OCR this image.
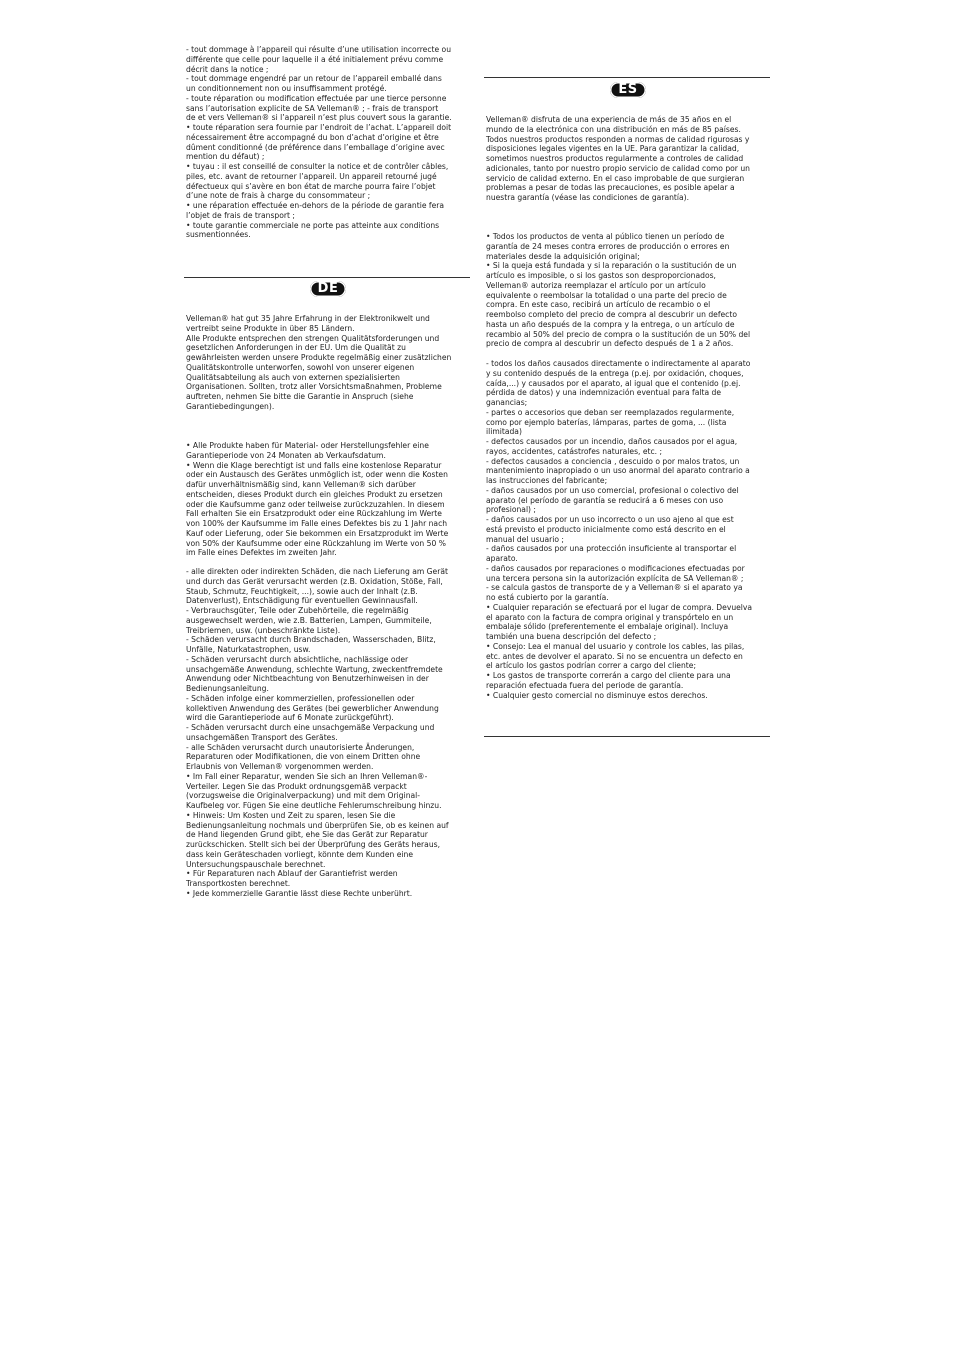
- tout dommage à l’appareil qui résulte d’une utilisation incorrecte ou
différente que celle pour laquelle il a été initialement prévu comme
décrit dans la notice ;
- tout dommage engendré par un retour de l’appareil emballé dans
un conditionnement non ou insuffisamment protégé.
- toute réparation ou modification effectuée par une tierce personne
sans l’autorisation explicite de SA Velleman® ; - frais de transport
de et vers Velleman® si l’appareil n’est plus couvert sous la garantie.
• toute réparation sera fournie par l’endroit de l’achat. L’appareil doit
nécessairement être accompagné du bon d’achat d’origine et être
dûment conditionné (de préférence dans l’emballage d’origine avec
mention du défaut) ;
• tuyau : il est conseillé de consulter la notice et de contrôler câbles,
piles, etc. avant de retourner l’appareil. Un appareil retourné jugé
défectueux qui s’avère en bon état de marche pourra faire l’objet
d’une note de frais à charge du consommateur ;
• une réparation effectuée en-dehors de la période de garantie fera
l’objet de frais de transport ;
• toute garantie commerciale ne porte pas atteinte aux conditions
susmentionnées.
DE
Velleman® hat gut 35 Jahre Erfahrung in der Elektronikwelt und
vertreibt seine Produkte in über 85 Ländern.
Alle Produkte entsprechen den strengen Qualitätsforderungen und
gesetzlichen Anforderungen in der EU. Um die Qualität zu
gewährleisten werden unsere Produkte regelmäßig einer zusätzlichen
Qualitätskontrolle unterworfen, sowohl von unserer eigenen
Qualitätsabteilung als auch von externen spezialisierten
Organisationen. Sollten, trotz aller Vorsichtsmaßnahmen, Probleme
auftreten, nehmen Sie bitte die Garantie in Anspruch (siehe
Garantiebedingungen).
• Alle Produkte haben für Material- oder Herstellungsfehler eine
Garantieperiode von 24 Monaten ab Verkaufsdatum.
• Wenn die Klage berechtigt ist und falls eine kostenlose Reparatur
oder ein Austausch des Gerätes unmöglich ist, oder wenn die Kosten
dafür unverhältnismäßig sind, kann Velleman® sich darüber
entscheiden, dieses Produkt durch ein gleiches Produkt zu ersetzen
oder die Kaufsumme ganz oder teilweise zurückzuzahlen. In diesem
Fall erhalten Sie ein Ersatzprodukt oder eine Rückzahlung im Werte
von 100% der Kaufsumme im Falle eines Defektes bis zu 1 Jahr nach
Kauf oder Lieferung, oder Sie bekommen ein Ersatzprodukt im Werte
von 50% der Kaufsumme oder eine Rückzahlung im Werte von 50 %
im Falle eines Defektes im zweiten Jahr.
- alle direkten oder indirekten Schäden, die nach Lieferung am Gerät
und durch das Gerät verursacht werden (z.B. Oxidation, Stöße, Fall,
Staub, Schmutz, Feuchtigkeit, ...), sowie auch der Inhalt (z.B.
Datenverlust), Entschädigung für eventuellen Gewinnausfall.
- Verbrauchsgüter, Teile oder Zubehörteile, die regelmäßig
ausgewechselt werden, wie z.B. Batterien, Lampen, Gummiteile,
Treibriemen, usw. (unbeschränkte Liste).
- Schäden verursacht durch Brandschaden, Wasserschaden, Blitz,
Unfälle, Naturkatastrophen, usw.
- Schäden verursacht durch absichtliche, nachlässige oder
unsachgemäße Anwendung, schlechte Wartung, zweckentfremdete
Anwendung oder Nichtbeachtung von Benutzerhinweisen in der
Bedienungsanleitung.
- Schäden infolge einer kommerziellen, professionellen oder
kollektiven Anwendung des Gerätes (bei gewerblicher Anwendung
wird die Garantieperiode auf 6 Monate zurückgeführt).
- Schäden verursacht durch eine unsachgemäße Verpackung und
unsachgemäßen Transport des Gerätes.
- alle Schäden verursacht durch unautorisierte Änderungen,
Reparaturen oder Modifikationen, die von einem Dritten ohne
Erlaubnis von Velleman® vorgenommen werden.
• Im Fall einer Reparatur, wenden Sie sich an Ihren Velleman®-
Verteiler. Legen Sie das Produkt ordnungsgemäß verpackt
(vorzugsweise die Originalverpackung) und mit dem Original-
Kaufbeleg vor. Fügen Sie eine deutliche Fehlerumschreibung hinzu.
• Hinweis: Um Kosten und Zeit zu sparen, lesen Sie die
Bedienungsanleitung nochmals und überprüfen Sie, ob es keinen auf
de Hand liegenden Grund gibt, ehe Sie das Gerät zur Reparatur
zurückschicken. Stellt sich bei der Überprüfung des Geräts heraus,
dass kein Geräteschaden vorliegt, könnte dem Kunden eine
Untersuchungspauschale berechnet.
• Für Reparaturen nach Ablauf der Garantiefrist werden
Transportkosten berechnet.
• Jede kommerzielle Garantie lässt diese Rechte unberührt.
ES
Velleman® disfruta de una experiencia de más de 35 años en el
mundo de la electrónica con una distribución en más de 85 países.
Todos nuestros productos responden a normas de calidad rigurosas y
disposiciones legales vigentes en la UE. Para garantizar la calidad,
sometimos nuestros productos regularmente a controles de calidad
adicionales, tanto por nuestro propio servicio de calidad como por un
servicio de calidad externo. En el caso improbable de que surgieran
problemas a pesar de todas las precauciones, es posible apelar a
nuestra garantía (véase las condiciones de garantía).
• Todos los productos de venta al público tienen un período de
garantía de 24 meses contra errores de producción o errores en
materiales desde la adquisición original;
• Si la queja está fundada y si la reparación o la sustitución de un
artículo es imposible, o si los gastos son desproporcionados,
Velleman® autoriza reemplazar el artículo por un artículo
equivalente o reembolsar la totalidad o una parte del precio de
compra. En este caso, recibirá un artículo de recambio o el
reembolso completo del precio de compra al descubrir un defecto
hasta un año después de la compra y la entrega, o un artículo de
recambio al 50% del precio de compra o la sustitución de un 50% del
precio de compra al descubrir un defecto después de 1 a 2 años.
- todos los daños causados directamente o indirectamente al aparato
y su contenido después de la entrega (p.ej. por oxidación, choques,
caída,...) y causados por el aparato, al igual que el contenido (p.ej.
pérdida de datos) y una indemnización eventual para falta de
ganancias;
- partes o accesorios que deban ser reemplazados regularmente,
como por ejemplo baterías, lámparas, partes de goma, ... (lista
ilimitada)
- defectos causados por un incendio, daños causados por el agua,
rayos, accidentes, catástrofes naturales, etc. ;
- defectos causados a conciencia , descuido o por malos tratos, un
mantenimiento inapropiado o un uso anormal del aparato contrario a
las instrucciones del fabricante;
- daños causados por un uso comercial, profesional o colectivo del
aparato (el período de garantía se reducirá a 6 meses con uso
profesional) ;
- daños causados por un uso incorrecto o un uso ajeno al que est
está previsto el producto inicialmente como está descrito en el
manual del usuario ;
- daños causados por una protección insuficiente al transportar el
aparato.
- daños causados por reparaciones o modificaciones efectuadas por
una tercera persona sin la autorización explícita de SA Velleman® ;
- se calcula gastos de transporte de y a Velleman® si el aparato ya
no está cubierto por la garantía.
• Cualquier reparación se efectuará por el lugar de compra. Devuelva
el aparato con la factura de compra original y transpórtelo en un
embalaje sólido (preferentemente el embalaje original). Incluya
también una buena descripción del defecto ;
• Consejo: Lea el manual del usuario y controle los cables, las pilas,
etc. antes de devolver el aparato. Si no se encuentra un defecto en
el artículo los gastos podrían correr a cargo del cliente;
• Los gastos de transporte correrán a cargo del cliente para una
reparación efectuada fuera del periode de garantía.
• Cualquier gesto comercial no disminuye estos derechos.
